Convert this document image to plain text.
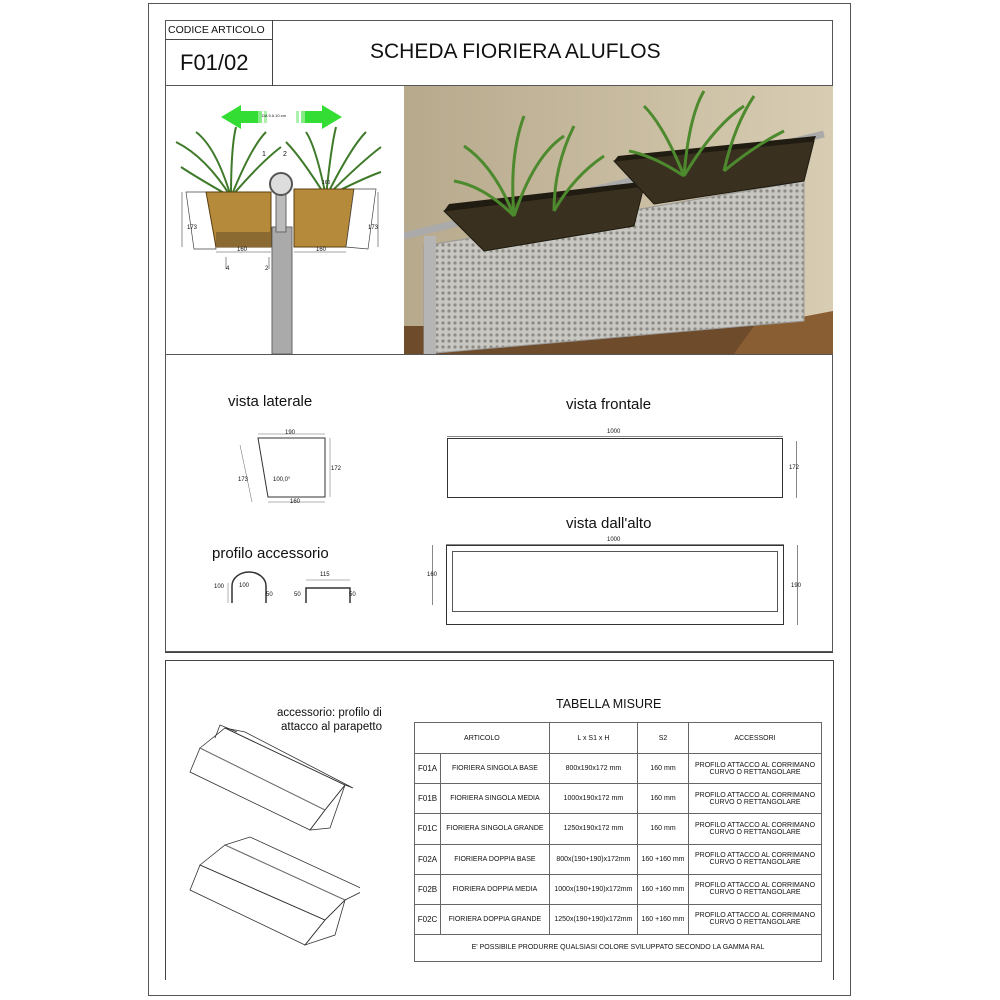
CODICE ARTICOLO
F01/02	SCHEDA FIORIERA ALUFLOS
DA 5 A 10 cm
1 2
173	173
160	160
4	2
160
vista laterale	vista frontale
vista dall'alto
profilo accessorio
190
160
173
172
100,0°
1000
172
1000
160
190
100 100
50
115
50	50
accessorio: profilo di
attacco al parapetto
TABELLA MISURE
ARTICOLO		L x S1 x H	S2	ACCESSORI
F01A	FIORIERA SINGOLA BASE	800x190x172 mm	160 mm	PROFILO ATTACCO AL CORRIMANO
CURVO O RETTANGOLARE

F01B	FIORIERA SINGOLA MEDIA	1000x190x172 mm	160 mm	PROFILO ATTACCO AL CORRIMANO
CURVO O RETTANGOLARE

F01C	FIORIERA SINGOLA GRANDE	1250x190x172 mm	160 mm	PROFILO ATTACCO AL CORRIMANO
CURVO O RETTANGOLARE

F02A	FIORIERA DOPPIA BASE	800x(190+190)x172mm	160 +160 mm	PROFILO ATTACCO AL CORRIMANO
CURVO O RETTANGOLARE

F02B	FIORIERA DOPPIA MEDIA	1000x(190+190)x172mm	160 +160 mm	PROFILO ATTACCO AL CORRIMANO
CURVO O RETTANGOLARE

F02C	FIORIERA DOPPIA GRANDE	1250x(190+190)x172mm	160 +160 mm	PROFILO ATTACCO AL CORRIMANO
CURVO O RETTANGOLARE

E' POSSIBILE PRODURRE QUALSIASI COLORE SVILUPPATO SECONDO LA GAMMA RAL				
